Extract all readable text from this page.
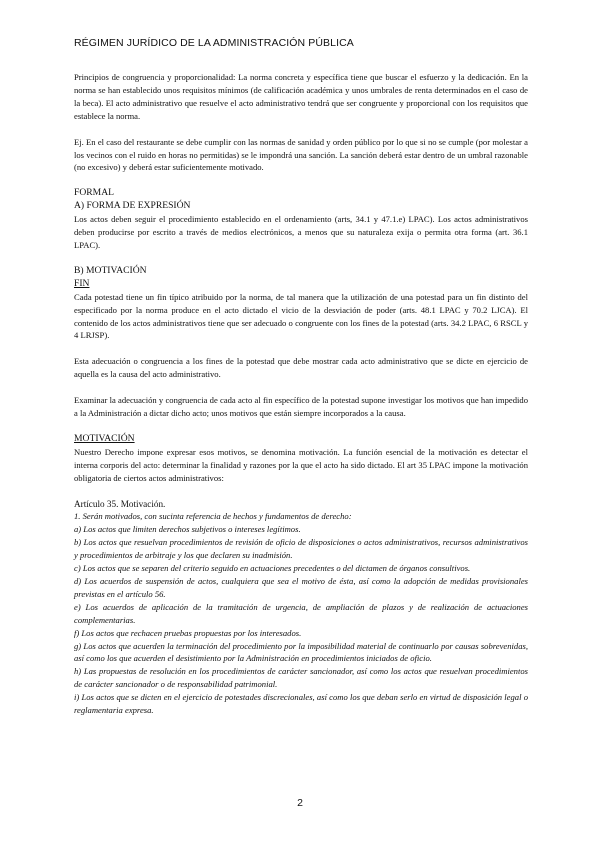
RÉGIMEN JURÍDICO DE LA ADMINISTRACIÓN PÚBLICA

Principios de congruencia y proporcionalidad: La norma concreta y específica tiene que buscar el esfuerzo y la dedicación. En la norma se han establecido unos requisitos mínimos (de calificación académica y unos umbrales de renta determinados en el caso de la beca). El acto administrativo que resuelve el acto administrativo tendrá que ser congruente y proporcional con los requisitos que establece la norma.

Ej. En el caso del restaurante se debe cumplir con las normas de sanidad y orden público por lo que si no se cumple (por molestar a los vecinos con el ruido en horas no permitidas) se le impondrá una sanción. La sanción deberá estar dentro de un umbral razonable (no excesivo) y deberá estar suficientemente motivado.

FORMAL

A) FORMA DE EXPRESIÓN

Los actos deben seguir el procedimiento establecido en el ordenamiento (arts, 34.1 y 47.1.e) LPAC). Los actos administrativos deben producirse por escrito a través de medios electrónicos, a menos que su naturaleza exija o permita otra forma (art. 36.1 LPAC).

B) MOTIVACIÓN

FIN

Cada potestad tiene un fin típico atribuido por la norma, de tal manera que la utilización de una potestad para un fin distinto del especificado por la norma produce en el acto dictado el vicio de la desviación de poder (arts. 48.1 LPAC y 70.2 LJCA). El contenido de los actos administrativos tiene que ser adecuado o congruente con los fines de la potestad (arts. 34.2 LPAC, 6 RSCL y 4 LRJSP).

Esta adecuación o congruencia a los fines de la potestad que debe mostrar cada acto administrativo que se dicte en ejercicio de aquella es la causa del acto administrativo.

Examinar la adecuación y congruencia de cada acto al fin específico de la potestad supone investigar los motivos que han impedido a la Administración a dictar dicho acto; unos motivos que están siempre incorporados a la causa.

MOTIVACIÓN

Nuestro Derecho impone expresar esos motivos, se denomina motivación. La función esencial de la motivación es detectar el interna corporis del acto: determinar la finalidad y razones por la que el acto ha sido dictado. El art 35 LPAC impone la motivación obligatoria de ciertos actos administrativos:

Artículo 35. Motivación.

1. Serán motivados, con sucinta referencia de hechos y fundamentos de derecho:

a) Los actos que limiten derechos subjetivos o intereses legítimos.

b) Los actos que resuelvan procedimientos de revisión de oficio de disposiciones o actos administrativos, recursos administrativos y procedimientos de arbitraje y los que declaren su inadmisión.

c) Los actos que se separen del criterio seguido en actuaciones precedentes o del dictamen de órganos consultivos.

d) Los acuerdos de suspensión de actos, cualquiera que sea el motivo de ésta, así como la adopción de medidas provisionales previstas en el artículo 56.

e) Los acuerdos de aplicación de la tramitación de urgencia, de ampliación de plazos y de realización de actuaciones complementarias.

f) Los actos que rechacen pruebas propuestas por los interesados.

g) Los actos que acuerden la terminación del procedimiento por la imposibilidad material de continuarlo por causas sobrevenidas, así como los que acuerden el desistimiento por la Administración en procedimientos iniciados de oficio.

h) Las propuestas de resolución en los procedimientos de carácter sancionador, así como los actos que resuelvan procedimientos de carácter sancionador o de responsabilidad patrimonial.

i) Los actos que se dicten en el ejercicio de potestades discrecionales, así como los que deban serlo en virtud de disposición legal o reglamentaria expresa.

2
